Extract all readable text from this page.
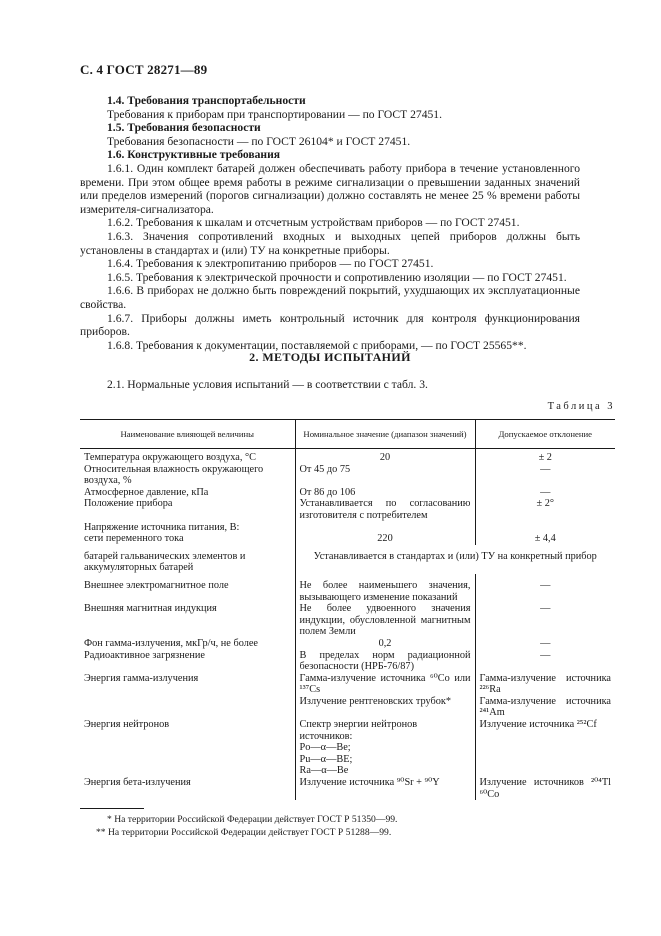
С. 4 ГОСТ 28271—89

1.4. Требования транспортабельности

Требования к приборам при транспортировании — по ГОСТ 27451.

1.5. Требования безопасности

Требования безопасности — по ГОСТ 26104* и ГОСТ 27451.

1.6. Конструктивные требования

1.6.1. Один комплект батарей должен обеспечивать работу прибора в течение установленного времени. При этом общее время работы в режиме сигнализации о превышении заданных значений или пределов измерений (порогов сигнализации) должно составлять не менее 25 % времени работы измерителя-сигнализатора.

1.6.2. Требования к шкалам и отсчетным устройствам приборов — по ГОСТ 27451.

1.6.3. Значения сопротивлений входных и выходных цепей приборов должны быть установлены в стандартах и (или) ТУ на конкретные приборы.

1.6.4. Требования к электропитанию приборов — по ГОСТ 27451.

1.6.5. Требования к электрической прочности и сопротивлению изоляции — по ГОСТ 27451.

1.6.6. В приборах не должно быть повреждений покрытий, ухудшающих их эксплуатационные свойства.

1.6.7. Приборы должны иметь контрольный источник для контроля функционирования приборов.

1.6.8. Требования к документации, поставляемой с приборами, — по ГОСТ 25565**.

2. МЕТОДЫ ИСПЫТАНИЙ
2.1. Нормальные условия испытаний — в соответствии с табл. 3.
Таблица 3
Наименование влияющей величины	Номинальное значение (диапазон значений)	Допускаемое отклонение
Температура окружающего воздуха, °С	20	± 2
Относительная влажность окружающего воздуха, %	От 45 до 75	—
Атмосферное давление, кПа	От 86 до 106	—
Положение прибора	Устанавливается по согласованию изготовителя с потребителем	± 2°
Напряжение источника питания, В:		
сети переменного тока	220	± 4,4
батарей гальванических элементов и аккумуляторных батарей	Устанавливается в стандартах и (или) ТУ на конкретный прибор	
Внешнее электромагнитное поле	Не более наименьшего значения, вызывающего изменение показаний	—
Внешняя магнитная индукция	Не более удвоенного значения индукции, обусловленной магнитным полем Земли	—
Фон гамма-излучения, мкГр/ч, не более	0,2	—
Радиоактивное загрязнение	В пределах норм радиационной безопасности (НРБ-76/87)	—
Энергия гамма-излучения	Гамма-излучение источника ⁶⁰Co или ¹³⁷Cs	Гамма-излучение источника ²²⁶Ra
	Излучение рентгеновских трубок*	Гамма-излучение источника ²⁴¹Am
Энергия нейтронов	Спектр энергии нейтронов источников:	Излучение источника ²⁵²Cf
	Po—α—Be;	
	Pu—α—BE;	
	Ra—α—Be	
Энергия бета-излучения	Излучение источника ⁹⁰Sr + ⁹⁰Y	Излучение источников ²⁰⁴Tl ⁶⁰Co

* На территории Российской Федерации действует ГОСТ Р 51350—99.

** На территории Российской Федерации действует ГОСТ Р 51288—99.
